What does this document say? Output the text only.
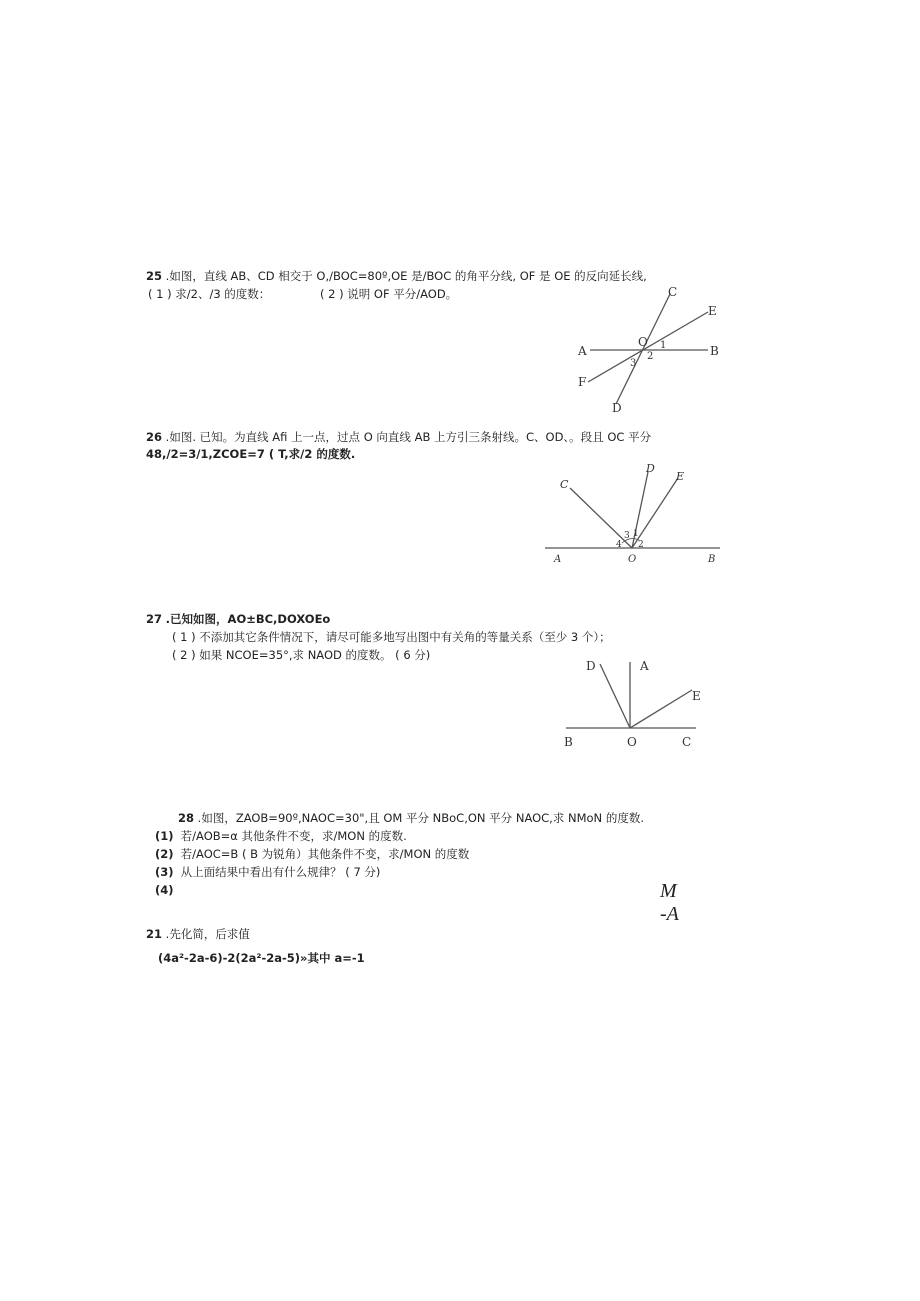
25 .如图，直线 AB、CD 相交于 O,∕BOC=80º,OE 是/BOC 的角平分线, OF 是 OE 的反向延长线,
( 1 ) 求/2、/3 的度数：	( 2 ) 说明 OF 平分/AOD。	C
E
A	B
O
F
D
1
2
3
26 .如图. 已知。为直线 Afi 上一点，过点 O 向直线 AB 上方引三条射线。C、OD、。段且 OC 平分
48,/2=3/1,ZCOE=7 ( T,求/2 的度数.
C
D
E
A	O	B
3 1
4 2
27 .已知如图，AO±BC,DOXOEo
( 1 ) 不添加其它条件情况下，请尽可能多地写出图中有关角的等量关系（至少 3 个）；
( 2 ) 如果 NCOE=35°,求 NAOD 的度数。 ( 6 分)
D	A
E
B	O	C
28 .如图，ZAOB=90º,NAOC=30",且 OM 平分 NBoC,ON 平分 NAOC,求 NMoN 的度数.
(1) 若/AOB=α 其他条件不变，求/MON 的度数.
(2) 若/AOC=B ( B 为锐角）其他条件不变，求/MON 的度数
(3) 从上面结果中看出有什么规律？ ( 7 分)
(4)	M
-A
21 .先化简，后求值
(4a²-2a-6)-2(2a²-2a-5)»其中 a=-1
